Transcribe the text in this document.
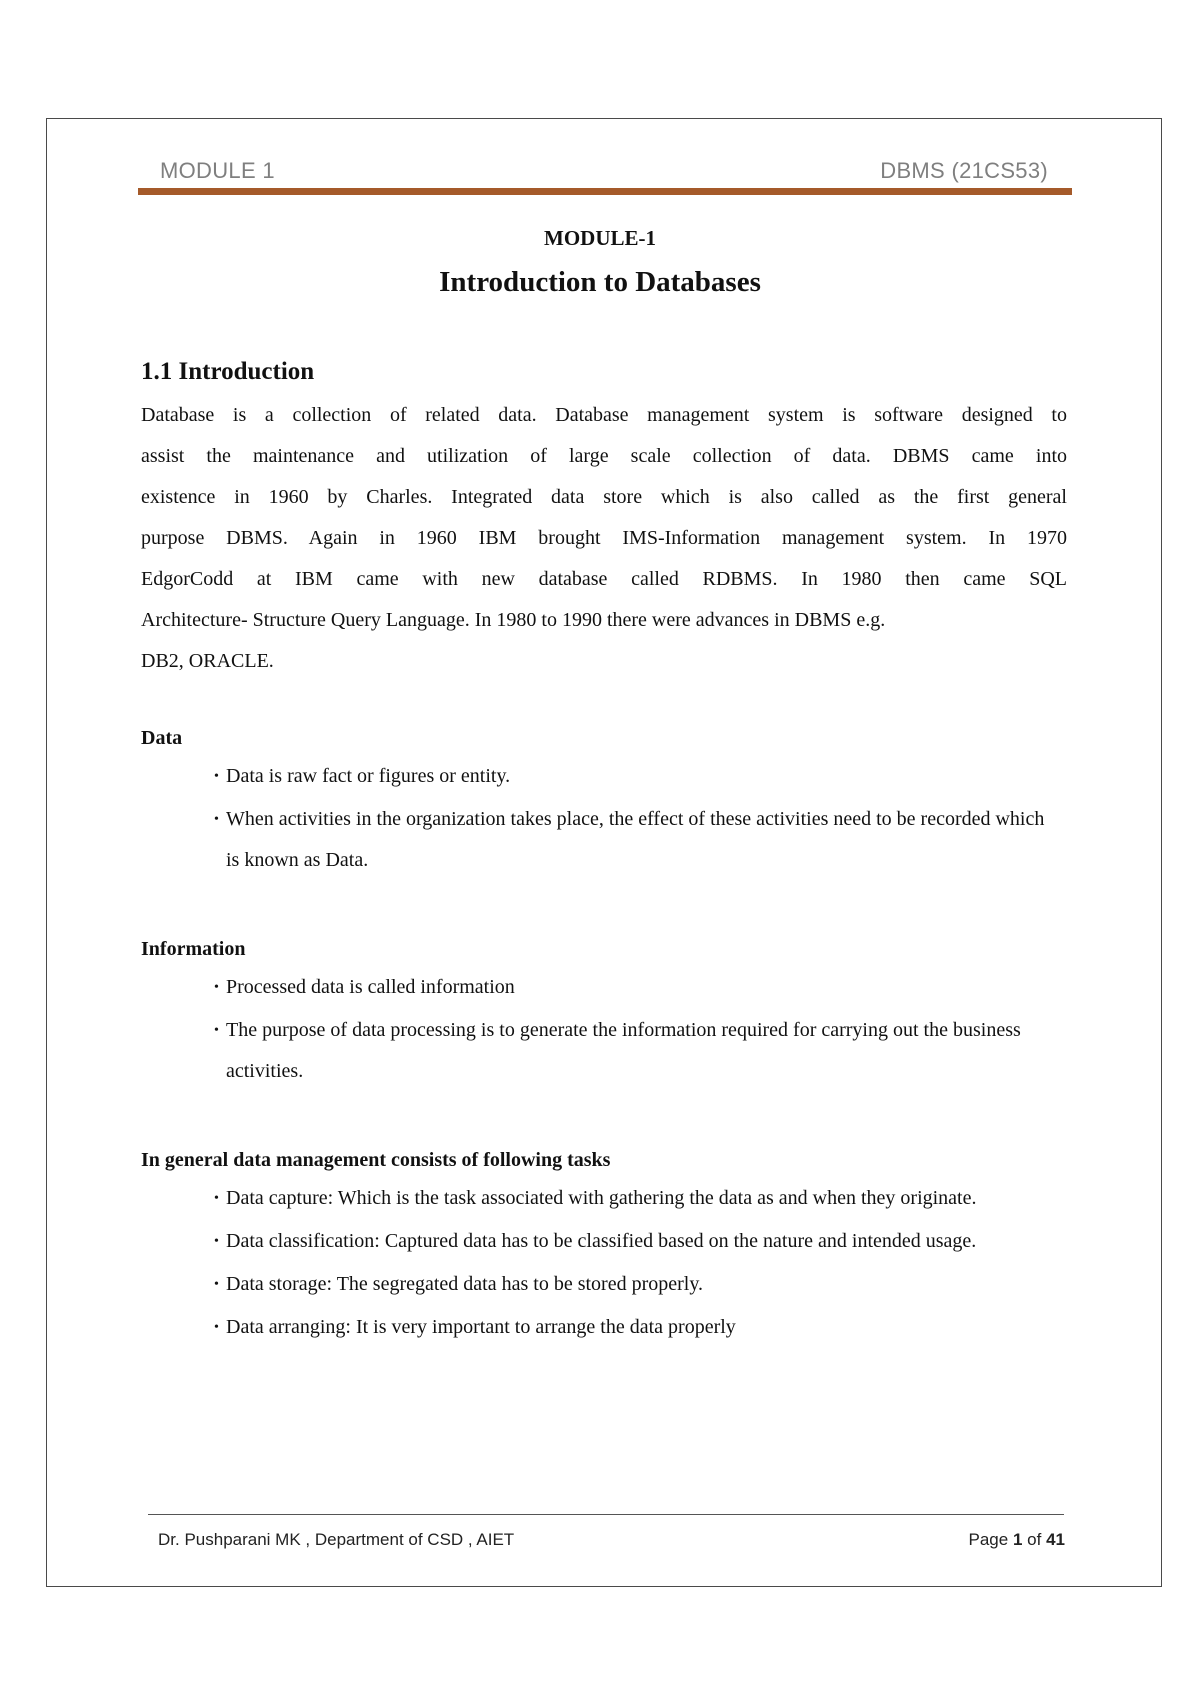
MODULE 1	DBMS (21CS53)
MODULE-1
Introduction to Databases
1.1 Introduction
Database is a collection of related data. Database management system is software designed to
assist the maintenance and utilization of large scale collection of data. DBMS came into
existence in 1960 by Charles. Integrated data store which is also called as the first general
purpose DBMS. Again in 1960 IBM brought IMS-Information management system. In 1970
EdgorCodd at IBM came with new database called RDBMS. In 1980 then came SQL
Architecture- Structure Query Language. In 1980 to 1990 there were advances in DBMS e.g.
DB2, ORACLE.
Data
• Data is raw fact or figures or entity.
• When activities in the organization takes place, the effect of these activities need to be recorded which is known as Data.
Information
• Processed data is called information
• The purpose of data processing is to generate the information required for carrying out the business activities.
In general data management consists of following tasks
• Data capture: Which is the task associated with gathering the data as and when they originate.
• Data classification: Captured data has to be classified based on the nature and intended usage.
• Data storage: The segregated data has to be stored properly.
• Data arranging: It is very important to arrange the data properly
Dr. Pushparani MK , Department of CSD , AIET	Page 1 of 41
